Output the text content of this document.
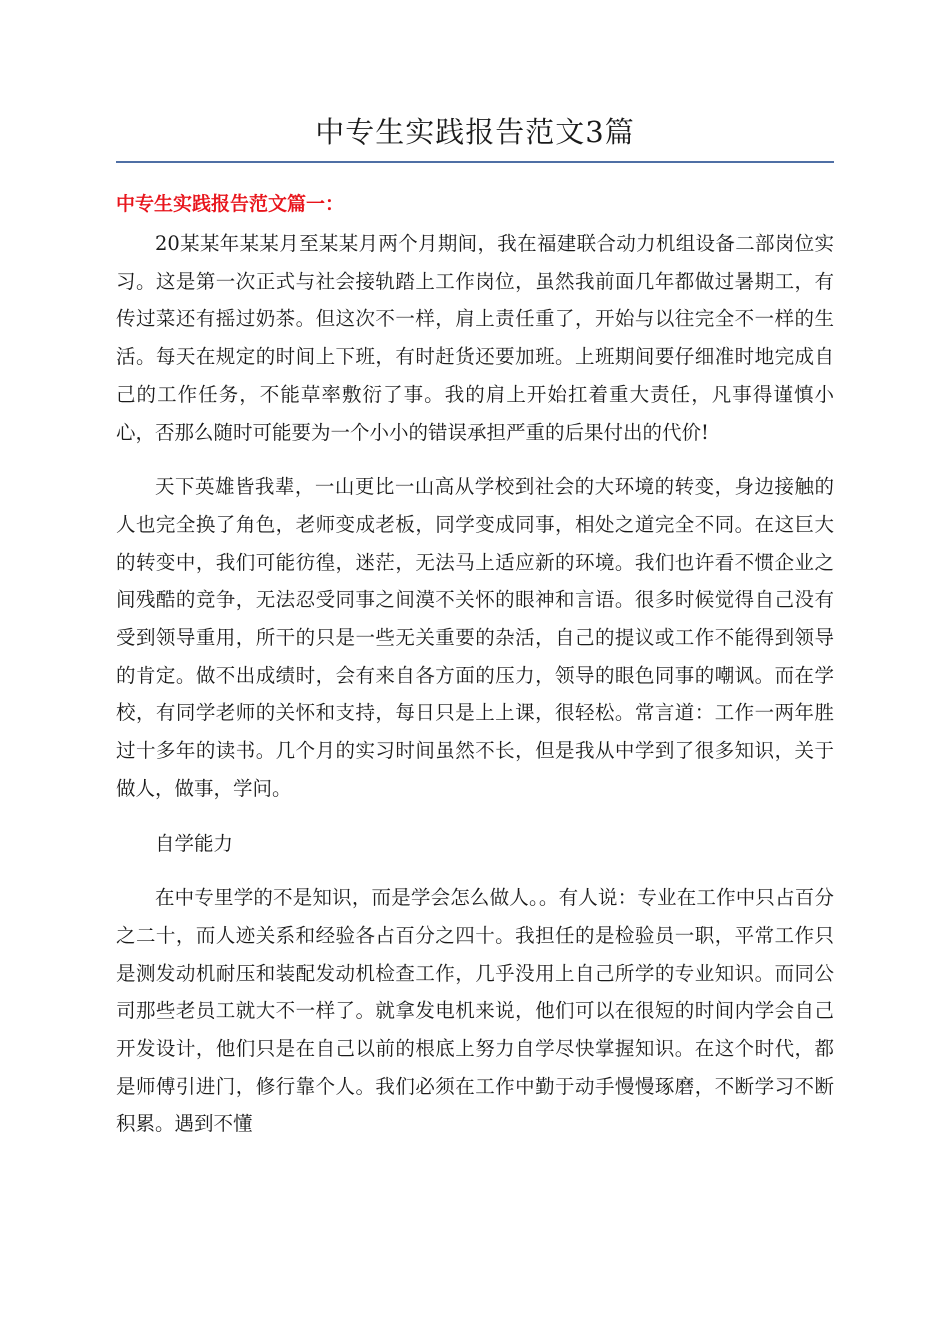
中专生实践报告范文3篇
中专生实践报告范文篇一：

20某某年某某月至某某月两个月期间，我在福建联合动力机组设备二部岗位实习。这是第一次正式与社会接轨踏上工作岗位，虽然我前面几年都做过暑期工，有传过菜还有摇过奶茶。但这次不一样，肩上责任重了，开始与以往完全不一样的生活。每天在规定的时间上下班，有时赶货还要加班。上班期间要仔细准时地完成自己的工作任务，不能草率敷衍了事。我的肩上开始扛着重大责任，凡事得谨慎小心，否那么随时可能要为一个小小的错误承担严重的后果付出的代价!

天下英雄皆我辈，一山更比一山高从学校到社会的大环境的转变，身边接触的人也完全换了角色，老师变成老板，同学变成同事，相处之道完全不同。在这巨大的转变中，我们可能彷徨，迷茫，无法马上适应新的环境。我们也许看不惯企业之间残酷的竞争，无法忍受同事之间漠不关怀的眼神和言语。很多时候觉得自己没有受到领导重用，所干的只是一些无关重要的杂活，自己的提议或工作不能得到领导的肯定。做不出成绩时，会有来自各方面的压力，领导的眼色同事的嘲讽。而在学校，有同学老师的关怀和支持，每日只是上上课，很轻松。常言道：工作一两年胜过十多年的读书。几个月的实习时间虽然不长，但是我从中学到了很多知识，关于做人，做事，学问。

自学能力

在中专里学的不是知识，而是学会怎么做人。。有人说：专业在工作中只占百分之二十，而人迹关系和经验各占百分之四十。我担任的是检验员一职，平常工作只是测发动机耐压和装配发动机检查工作，几乎没用上自己所学的专业知识。而同公司那些老员工就大不一样了。就拿发电机来说，他们可以在很短的时间内学会自己开发设计，他们只是在自己以前的根底上努力自学尽快掌握知识。在这个时代，都是师傅引进门，修行靠个人。我们必须在工作中勤于动手慢慢琢磨，不断学习不断积累。遇到不懂
